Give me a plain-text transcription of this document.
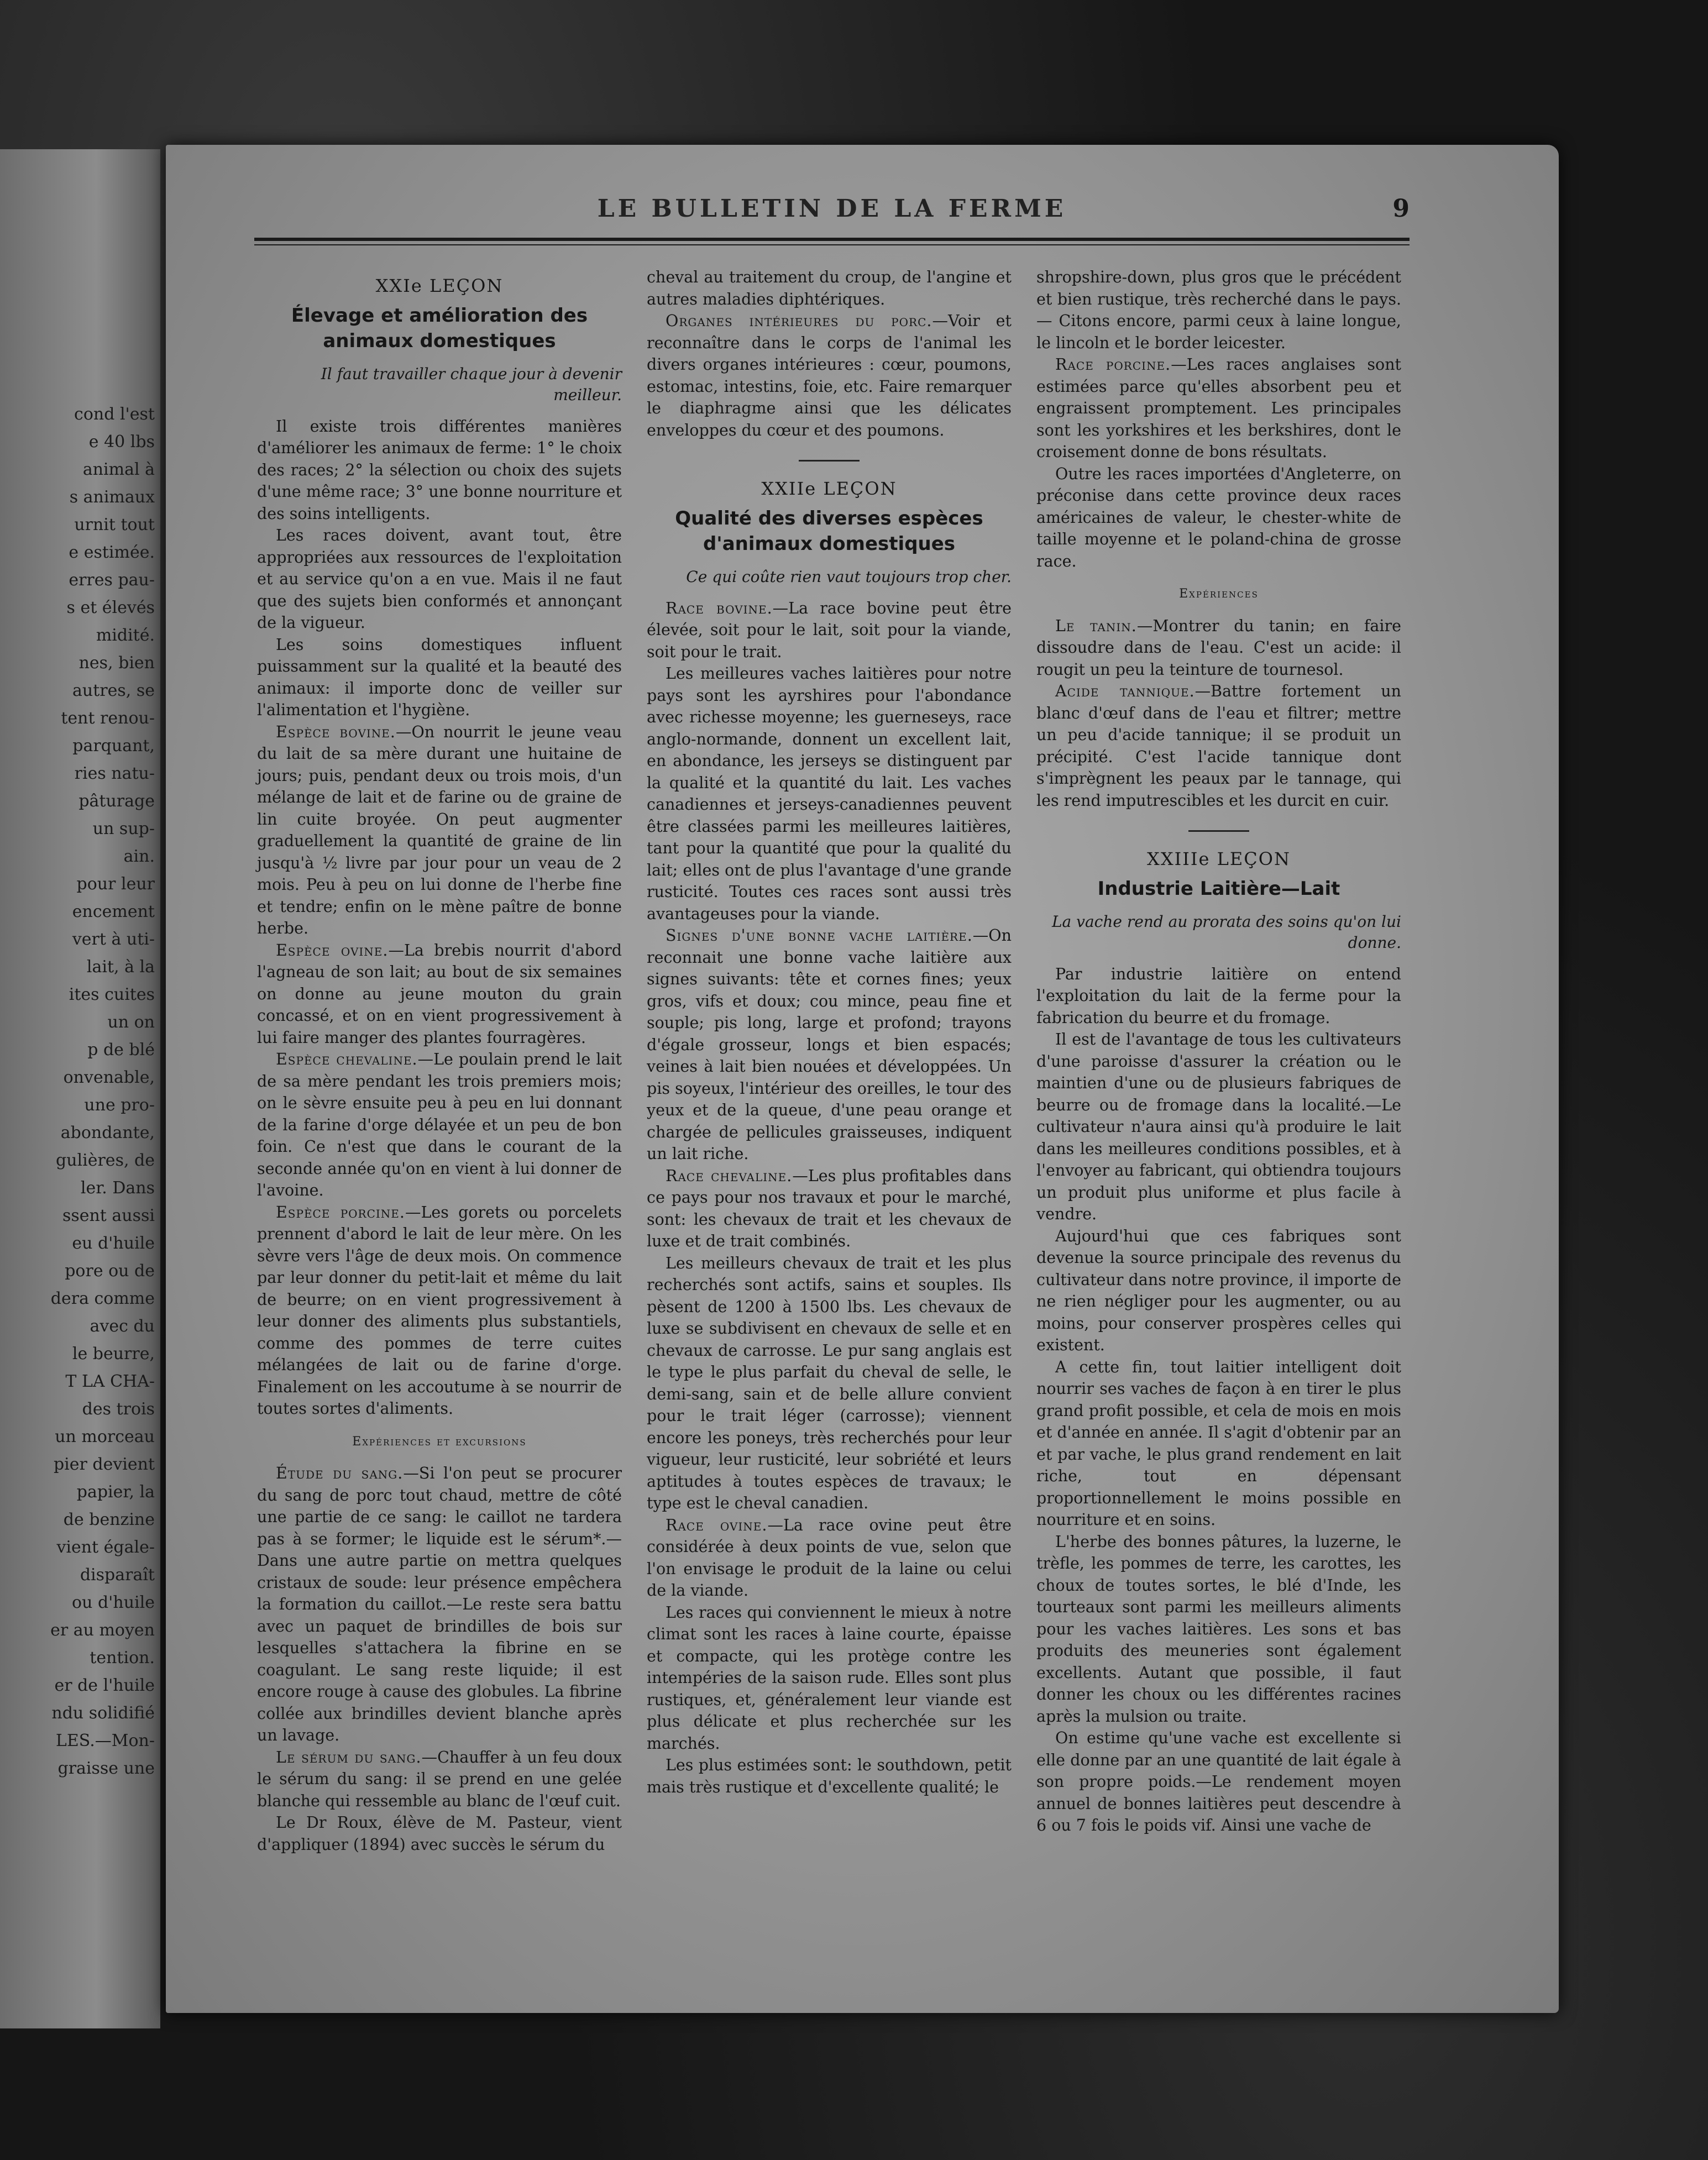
cond l'est
e 40 lbs
animal à
s animaux
urnit tout
e estimée.
erres pau-
s et élevés
midité.
nes, bien
autres, se
tent renou-
parquant,
ries natu-
pâturage
un sup-
ain.
pour leur
encement
vert à uti-
lait, à la
ites cuites
un on
p de blé
onvenable,
une pro-
abondante,
gulières, de
ler. Dans
ssent aussi
eu d'huile
pore ou de
dera comme
avec du
le beurre,
T LA CHA-
des trois
un morceau
pier devient
papier, la
de benzine
vient égale-
disparaît
ou d'huile
er au moyen
tention.
er de l'huile
ndu solidifié
LES.—Mon-
graisse une
LE BULLETIN DE LA FERME	9
XXIe LEÇON
Élevage et amélioration des animaux domestiques
Il faut travailler chaque jour à devenir meilleur.

Il existe trois différentes manières d'améliorer les animaux de ferme: 1° le choix des races; 2° la sélection ou choix des sujets d'une même race; 3° une bonne nourriture et des soins intelligents.

Les races doivent, avant tout, être appropriées aux ressources de l'exploitation et au service qu'on a en vue. Mais il ne faut que des sujets bien conformés et annonçant de la vigueur.

Les soins domestiques influent puissamment sur la qualité et la beauté des animaux: il importe donc de veiller sur l'alimentation et l'hygiène.

Espèce bovine.—On nourrit le jeune veau du lait de sa mère durant une huitaine de jours; puis, pendant deux ou trois mois, d'un mélange de lait et de farine ou de graine de lin cuite broyée. On peut augmenter graduellement la quantité de graine de lin jusqu'à ½ livre par jour pour un veau de 2 mois. Peu à peu on lui donne de l'herbe fine et tendre; enfin on le mène paître de bonne herbe.

Espèce ovine.—La brebis nourrit d'abord l'agneau de son lait; au bout de six semaines on donne au jeune mouton du grain concassé, et on en vient progressivement à lui faire manger des plantes fourragères.

Espèce chevaline.—Le poulain prend le lait de sa mère pendant les trois premiers mois; on le sèvre ensuite peu à peu en lui donnant de la farine d'orge délayée et un peu de bon foin. Ce n'est que dans le courant de la seconde année qu'on en vient à lui donner de l'avoine.

Espèce porcine.—Les gorets ou porcelets prennent d'abord le lait de leur mère. On les sèvre vers l'âge de deux mois. On commence par leur donner du petit-lait et même du lait de beurre; on en vient progressivement à leur donner des aliments plus substantiels, comme des pommes de terre cuites mélangées de lait ou de farine d'orge. Finalement on les accoutume à se nourrir de toutes sortes d'aliments.

Expériences et excursions

Étude du sang.—Si l'on peut se procurer du sang de porc tout chaud, mettre de côté une partie de ce sang: le caillot ne tardera pas à se former; le liquide est le sérum*.— Dans une autre partie on mettra quelques cristaux de soude: leur présence empêchera la formation du caillot.—Le reste sera battu avec un paquet de brindilles de bois sur lesquelles s'attachera la fibrine en se coagulant. Le sang reste liquide; il est encore rouge à cause des globules. La fibrine collée aux brindilles devient blanche après un lavage.

Le sérum du sang.—Chauffer à un feu doux le sérum du sang: il se prend en une gelée blanche qui ressemble au blanc de l'œuf cuit.

Le Dr Roux, élève de M. Pasteur, vient d'appliquer (1894) avec succès le sérum du

cheval au traitement du croup, de l'angine et autres maladies diphtériques.

Organes intérieures du porc.—Voir et reconnaître dans le corps de l'animal les divers organes intérieures : cœur, poumons, estomac, intestins, foie, etc. Faire remarquer le diaphragme ainsi que les délicates enveloppes du cœur et des poumons.

XXIIe LEÇON
Qualité des diverses espèces d'animaux domestiques
Ce qui coûte rien vaut toujours trop cher.

Race bovine.—La race bovine peut être élevée, soit pour le lait, soit pour la viande, soit pour le trait.

Les meilleures vaches laitières pour notre pays sont les ayrshires pour l'abondance avec richesse moyenne; les guerneseys, race anglo-normande, donnent un excellent lait, en abondance, les jerseys se distinguent par la qualité et la quantité du lait. Les vaches canadiennes et jerseys-canadiennes peuvent être classées parmi les meilleures laitières, tant pour la quantité que pour la qualité du lait; elles ont de plus l'avantage d'une grande rusticité. Toutes ces races sont aussi très avantageuses pour la viande.

Signes d'une bonne vache laitière.—On reconnait une bonne vache laitière aux signes suivants: tête et cornes fines; yeux gros, vifs et doux; cou mince, peau fine et souple; pis long, large et profond; trayons d'égale grosseur, longs et bien espacés; veines à lait bien nouées et développées. Un pis soyeux, l'intérieur des oreilles, le tour des yeux et de la queue, d'une peau orange et chargée de pellicules graisseuses, indiquent un lait riche.

Race chevaline.—Les plus profitables dans ce pays pour nos travaux et pour le marché, sont: les chevaux de trait et les chevaux de luxe et de trait combinés.

Les meilleurs chevaux de trait et les plus recherchés sont actifs, sains et souples. Ils pèsent de 1200 à 1500 lbs. Les chevaux de luxe se subdivisent en chevaux de selle et en chevaux de carrosse. Le pur sang anglais est le type le plus parfait du cheval de selle, le demi-sang, sain et de belle allure convient pour le trait léger (carrosse); viennent encore les poneys, très recherchés pour leur vigueur, leur rusticité, leur sobriété et leurs aptitudes à toutes espèces de travaux; le type est le cheval canadien.

Race ovine.—La race ovine peut être considérée à deux points de vue, selon que l'on envisage le produit de la laine ou celui de la viande.

Les races qui conviennent le mieux à notre climat sont les races à laine courte, épaisse et compacte, qui les protège contre les intempéries de la saison rude. Elles sont plus rustiques, et, généralement leur viande est plus délicate et plus recherchée sur les marchés.

Les plus estimées sont: le southdown, petit mais très rustique et d'excellente qualité; le

shropshire-down, plus gros que le précédent et bien rustique, très recherché dans le pays.— Citons encore, parmi ceux à laine longue, le lincoln et le border leicester.

Race porcine.—Les races anglaises sont estimées parce qu'elles absorbent peu et engraissent promptement. Les principales sont les yorkshires et les berkshires, dont le croisement donne de bons résultats.

Outre les races importées d'Angleterre, on préconise dans cette province deux races américaines de valeur, le chester-white de taille moyenne et le poland-china de grosse race.

Expériences

Le tanin.—Montrer du tanin; en faire dissoudre dans de l'eau. C'est un acide: il rougit un peu la teinture de tournesol.

Acide tannique.—Battre fortement un blanc d'œuf dans de l'eau et filtrer; mettre un peu d'acide tannique; il se produit un précipité. C'est l'acide tannique dont s'imprègnent les peaux par le tannage, qui les rend imputrescibles et les durcit en cuir.

XXIIIe LEÇON
Industrie Laitière—Lait
La vache rend au prorata des soins qu'on lui donne.

Par industrie laitière on entend l'exploitation du lait de la ferme pour la fabrication du beurre et du fromage.

Il est de l'avantage de tous les cultivateurs d'une paroisse d'assurer la création ou le maintien d'une ou de plusieurs fabriques de beurre ou de fromage dans la localité.—Le cultivateur n'aura ainsi qu'à produire le lait dans les meilleures conditions possibles, et à l'envoyer au fabricant, qui obtiendra toujours un produit plus uniforme et plus facile à vendre.

Aujourd'hui que ces fabriques sont devenue la source principale des revenus du cultivateur dans notre province, il importe de ne rien négliger pour les augmenter, ou au moins, pour conserver prospères celles qui existent.

A cette fin, tout laitier intelligent doit nourrir ses vaches de façon à en tirer le plus grand profit possible, et cela de mois en mois et d'année en année. Il s'agit d'obtenir par an et par vache, le plus grand rendement en lait riche, tout en dépensant proportionnellement le moins possible en nourriture et en soins.

L'herbe des bonnes pâtures, la luzerne, le trèfle, les pommes de terre, les carottes, les choux de toutes sortes, le blé d'Inde, les tourteaux sont parmi les meilleurs aliments pour les vaches laitières. Les sons et bas produits des meuneries sont également excellents. Autant que possible, il faut donner les choux ou les différentes racines après la mulsion ou traite.

On estime qu'une vache est excellente si elle donne par an une quantité de lait égale à son propre poids.—Le rendement moyen annuel de bonnes laitières peut descendre à 6 ou 7 fois le poids vif. Ainsi une vache de
